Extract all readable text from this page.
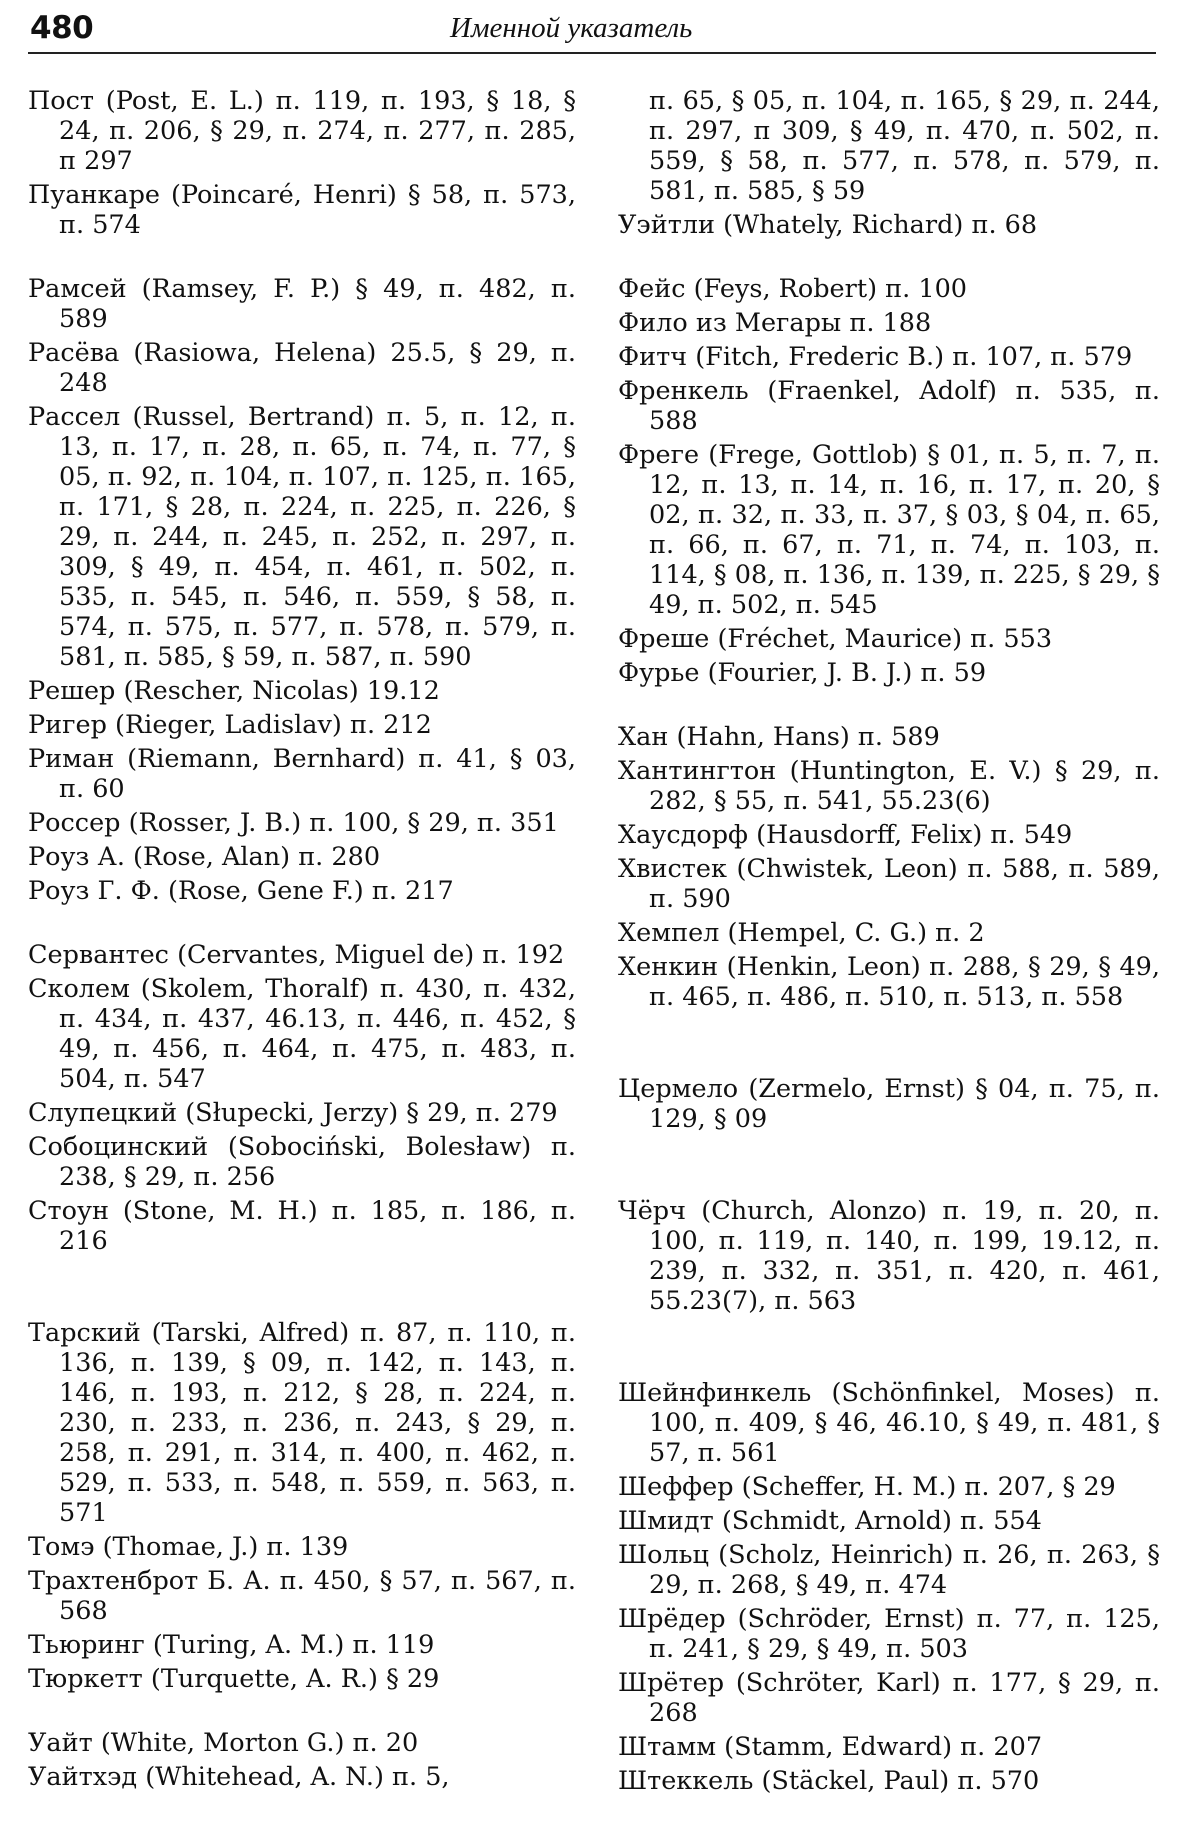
480	Именной указатель

Пост (Post, E. L.) п. 119, п. 193, § 18, § 24, п. 206, § 29, п. 274, п. 277, п. 285, п 297

Пуанкаре (Poincaré, Henri) § 58, п. 573, п. 574

Рамсей (Ramsey, F. P.) § 49, п. 482, п. 589

Расёва (Rasiowa, Helena) 25.5, § 29, п. 248

Рассел (Russel, Bertrand) п. 5, п. 12, п. 13, п. 17, п. 28, п. 65, п. 74, п. 77, § 05, п. 92, п. 104, п. 107, п. 125, п. 165, п. 171, § 28, п. 224, п. 225, п. 226, § 29, п. 244, п. 245, п. 252, п. 297, п. 309, § 49, п. 454, п. 461, п. 502, п. 535, п. 545, п. 546, п. 559, § 58, п. 574, п. 575, п. 577, п. 578, п. 579, п. 581, п. 585, § 59, п. 587, п. 590

Решер (Rescher, Nicolas) 19.12

Ригер (Rieger, Ladislav) п. 212

Риман (Riemann, Bernhard) п. 41, § 03, п. 60

Россер (Rosser, J. B.) п. 100, § 29, п. 351

Роуз А. (Rose, Alan) п. 280

Роуз Г. Ф. (Rose, Gene F.) п. 217

Сервантес (Cervantes, Miguel de) п. 192

Сколем (Skolem, Thoralf) п. 430, п. 432, п. 434, п. 437, 46.13, п. 446, п. 452, § 49, п. 456, п. 464, п. 475, п. 483, п. 504, п. 547

Слупецкий (Słupecki, Jerzy) § 29, п. 279

Собоцинский (Sobociński, Bolesław) п. 238, § 29, п. 256

Стоун (Stone, M. H.) п. 185, п. 186, п. 216

Тарский (Tarski, Alfred) п. 87, п. 110, п. 136, п. 139, § 09, п. 142, п. 143, п. 146, п. 193, п. 212, § 28, п. 224, п. 230, п. 233, п. 236, п. 243, § 29, п. 258, п. 291, п. 314, п. 400, п. 462, п. 529, п. 533, п. 548, п. 559, п. 563, п. 571

Томэ (Thomae, J.) п. 139

Трахтенброт Б. А. п. 450, § 57, п. 567, п. 568

Тьюринг (Turing, A. M.) п. 119

Тюркетт (Turquette, A. R.) § 29

Уайт (White, Morton G.) п. 20

Уайтхэд (Whitehead, A. N.) п. 5,

п. 65, § 05, п. 104, п. 165, § 29, п. 244, п. 297, п 309, § 49, п. 470, п. 502, п. 559, § 58, п. 577, п. 578, п. 579, п. 581, п. 585, § 59

Уэйтли (Whately, Richard) п. 68

Фейс (Feys, Robert) п. 100

Фило из Мегары п. 188

Фитч (Fitch, Frederic B.) п. 107, п. 579

Френкель (Fraenkel, Adolf) п. 535, п. 588

Фреге (Frege, Gottlob) § 01, п. 5, п. 7, п. 12, п. 13, п. 14, п. 16, п. 17, п. 20, § 02, п. 32, п. 33, п. 37, § 03, § 04, п. 65, п. 66, п. 67, п. 71, п. 74, п. 103, п. 114, § 08, п. 136, п. 139, п. 225, § 29, § 49, п. 502, п. 545

Фреше (Fréchet, Maurice) п. 553

Фурье (Fourier, J. B. J.) п. 59

Хан (Hahn, Hans) п. 589

Хантингтон (Huntington, E. V.) § 29, п. 282, § 55, п. 541, 55.23(6)

Хаусдорф (Hausdorff, Felix) п. 549

Хвистек (Chwistek, Leon) п. 588, п. 589, п. 590

Хемпел (Hempel, C. G.) п. 2

Хенкин (Henkin, Leon) п. 288, § 29, § 49, п. 465, п. 486, п. 510, п. 513, п. 558

Цермело (Zermelo, Ernst) § 04, п. 75, п. 129, § 09

Чёрч (Church, Alonzo) п. 19, п. 20, п. 100, п. 119, п. 140, п. 199, 19.12, п. 239, п. 332, п. 351, п. 420, п. 461, 55.23(7), п. 563

Шейнфинкель (Schönfinkel, Moses) п. 100, п. 409, § 46, 46.10, § 49, п. 481, § 57, п. 561

Шеффер (Scheffer, H. M.) п. 207, § 29

Шмидт (Schmidt, Arnold) п. 554

Шольц (Scholz, Heinrich) п. 26, п. 263, § 29, п. 268, § 49, п. 474

Шрёдер (Schröder, Ernst) п. 77, п. 125, п. 241, § 29, § 49, п. 503

Шрётер (Schröter, Karl) п. 177, § 29, п. 268

Штамм (Stamm, Edward) п. 207

Штеккель (Stäckel, Paul) п. 570
